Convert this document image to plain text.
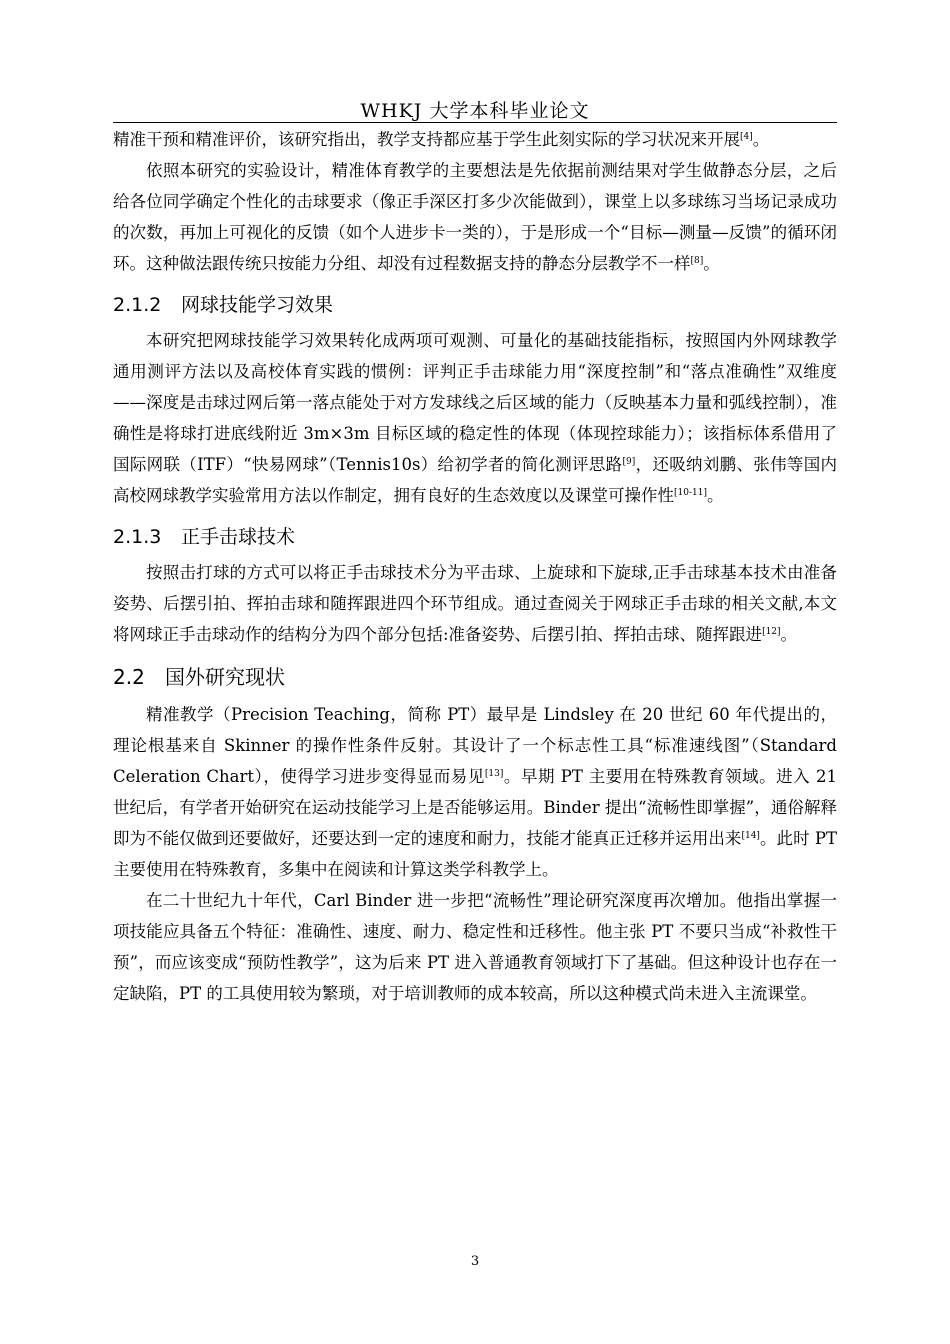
WHKJ 大学本科毕业论文

精准干预和精准评价，该研究指出，教学支持都应基于学生此刻实际的学习状况来开展[4]。

依照本研究的实验设计，精准体育教学的主要想法是先依据前测结果对学生做静态分层，之后给各位同学确定个性化的击球要求（像正手深区打多少次能做到），课堂上以多球练习当场记录成功的次数，再加上可视化的反馈（如个人进步卡一类的），于是形成一个“目标—测量—反馈”的循环闭环。这种做法跟传统只按能力分组、却没有过程数据支持的静态分层教学不一样[8]。

2.1.2 网球技能学习效果

本研究把网球技能学习效果转化成两项可观测、可量化的基础技能指标，按照国内外网球教学通用测评方法以及高校体育实践的惯例：评判正手击球能力用“深度控制”和“落点准确性”双维度——深度是击球过网后第一落点能处于对方发球线之后区域的能力（反映基本力量和弧线控制），准确性是将球打进底线附近 3m×3m 目标区域的稳定性的体现（体现控球能力）；该指标体系借用了国际网联（ITF）“快易网球”（Tennis10s）给初学者的简化测评思路[9]，还吸纳刘鹏、张伟等国内高校网球教学实验常用方法以作制定，拥有良好的生态效度以及课堂可操作性[10-11]。

2.1.3 正手击球技术

按照击打球的方式可以将正手击球技术分为平击球、上旋球和下旋球,正手击球基本技术由准备姿势、后摆引拍、挥拍击球和随挥跟进四个环节组成。通过查阅关于网球正手击球的相关文献,本文将网球正手击球动作的结构分为四个部分包括:准备姿势、后摆引拍、挥拍击球、随挥跟进[12]。

2.2 国外研究现状

精准教学（Precision Teaching，简称 PT）最早是 Lindsley 在 20 世纪 60 年代提出的，理论根基来自 Skinner 的操作性条件反射。其设计了一个标志性工具“标准速线图”（Standard Celeration Chart），使得学习进步变得显而易见[13]。早期 PT 主要用在特殊教育领域。进入 21 世纪后，有学者开始研究在运动技能学习上是否能够运用。Binder 提出“流畅性即掌握”，通俗解释即为不能仅做到还要做好，还要达到一定的速度和耐力，技能才能真正迁移并运用出来[14]。此时 PT 主要使用在特殊教育，多集中在阅读和计算这类学科教学上。

在二十世纪九十年代，Carl Binder 进一步把“流畅性”理论研究深度再次增加。他指出掌握一项技能应具备五个特征：准确性、速度、耐力、稳定性和迁移性。他主张 PT 不要只当成“补救性干预”，而应该变成“预防性教学”，这为后来 PT 进入普通教育领域打下了基础。但这种设计也存在一定缺陷，PT 的工具使用较为繁琐，对于培训教师的成本较高，所以这种模式尚未进入主流课堂。

3
